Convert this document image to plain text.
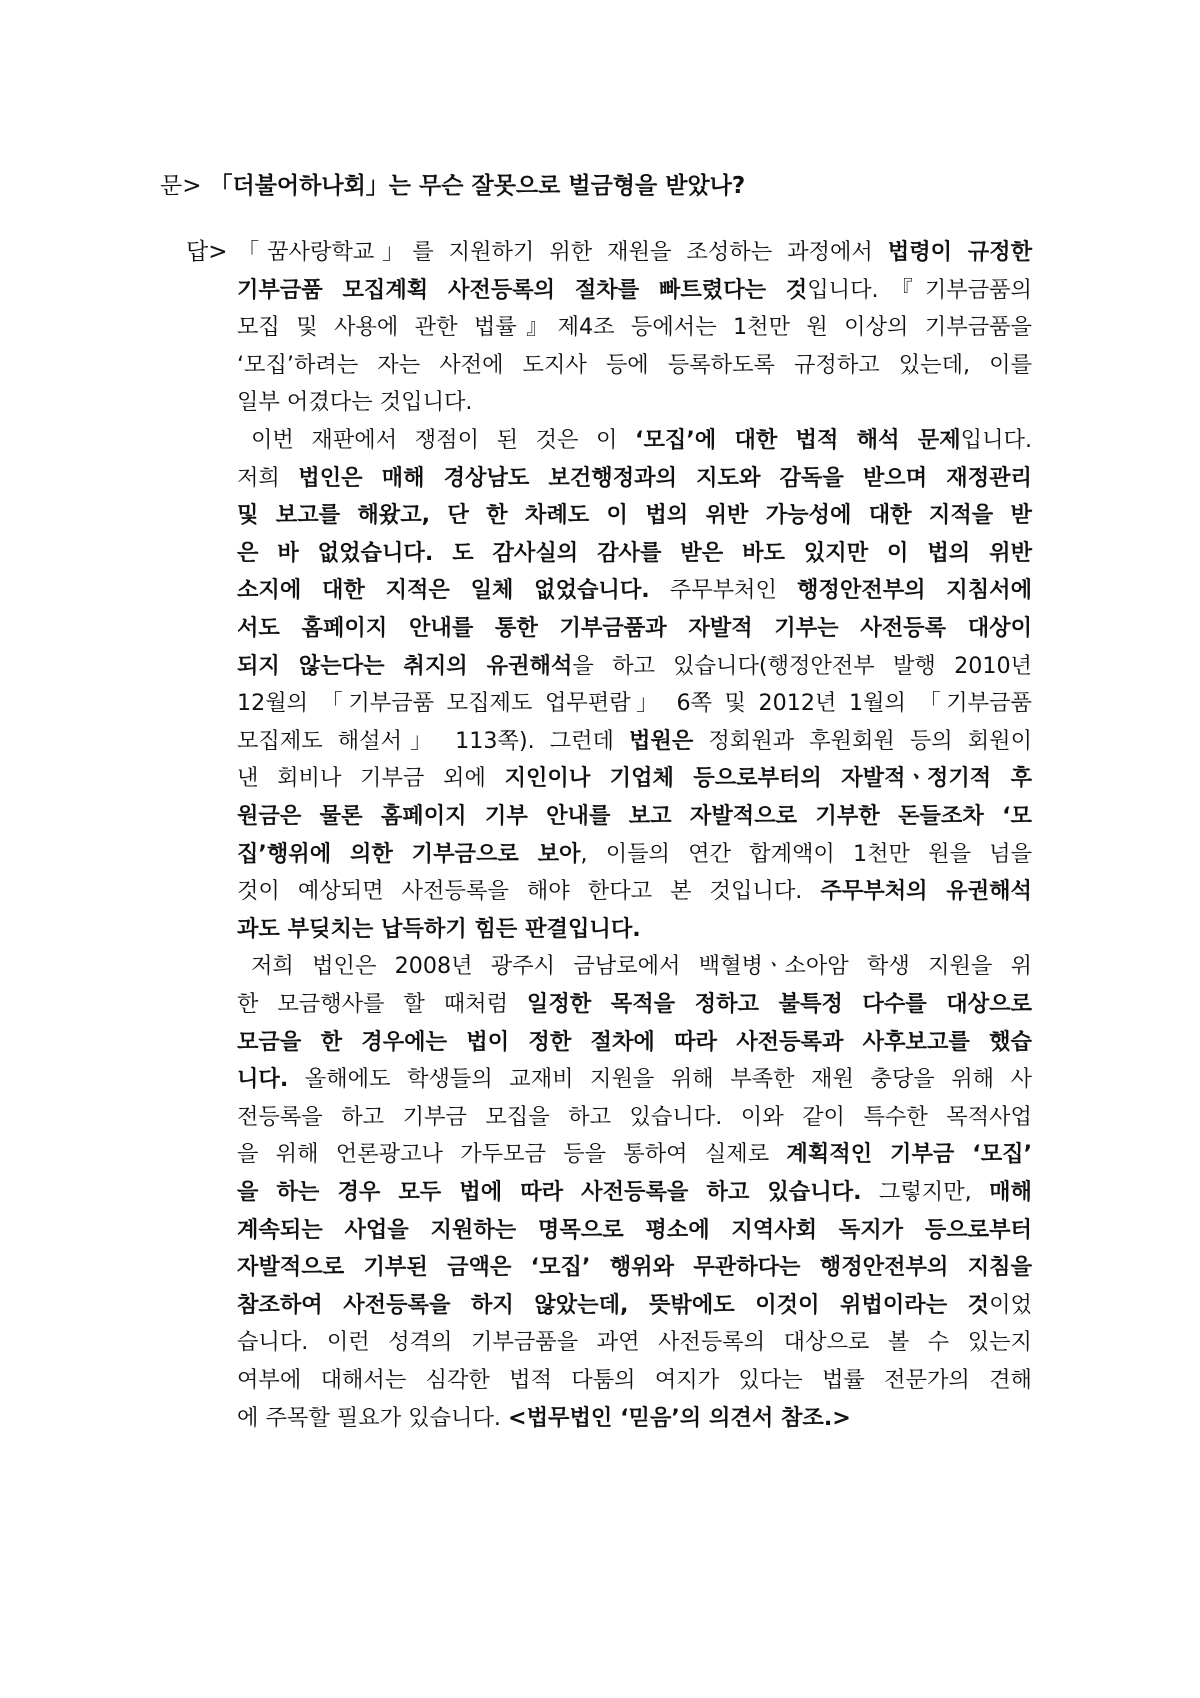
문> 「더불어하나회」는 무슨 잘못으로 벌금형을 받았나?
답> 「꿈사랑학교」를 지원하기 위한 재원을 조성하는 과정에서 법령이 규정한
기부금품 모집계획 사전등록의 절차를 빠트렸다는 것입니다.『기부금품의
모집 및 사용에 관한 법률』제4조 등에서는 1천만 원 이상의 기부금품을
‘모집’하려는 자는 사전에 도지사 등에 등록하도록 규정하고 있는데, 이를
일부 어겼다는 것입니다.
이번 재판에서 쟁점이 된 것은 이 ‘모집’에 대한 법적 해석 문제입니다.
저희 법인은 매해 경상남도 보건행정과의 지도와 감독을 받으며 재정관리
및 보고를 해왔고, 단 한 차례도 이 법의 위반 가능성에 대한 지적을 받
은 바 없었습니다. 도 감사실의 감사를 받은 바도 있지만 이 법의 위반
소지에 대한 지적은 일체 없었습니다. 주무부처인 행정안전부의 지침서에
서도 홈페이지 안내를 통한 기부금품과 자발적 기부는 사전등록 대상이
되지 않는다는 취지의 유권해석을 하고 있습니다(행정안전부 발행 2010년
12월의 「기부금품 모집제도 업무편람」 6쪽 및 2012년 1월의 「기부금품
모집제도 해설서」 113쪽). 그런데 법원은 정회원과 후원회원 등의 회원이
낸 회비나 기부금 외에 지인이나 기업체 등으로부터의 자발적ㆍ정기적 후
원금은 물론 홈페이지 기부 안내를 보고 자발적으로 기부한 돈들조차 ‘모
집’행위에 의한 기부금으로 보아, 이들의 연간 합계액이 1천만 원을 넘을
것이 예상되면 사전등록을 해야 한다고 본 것입니다. 주무부처의 유권해석
과도 부딪치는 납득하기 힘든 판결입니다.
저희 법인은 2008년 광주시 금남로에서 백혈병ㆍ소아암 학생 지원을 위
한 모금행사를 할 때처럼 일정한 목적을 정하고 불특정 다수를 대상으로
모금을 한 경우에는 법이 정한 절차에 따라 사전등록과 사후보고를 했습
니다. 올해에도 학생들의 교재비 지원을 위해 부족한 재원 충당을 위해 사
전등록을 하고 기부금 모집을 하고 있습니다. 이와 같이 특수한 목적사업
을 위해 언론광고나 가두모금 등을 통하여 실제로 계획적인 기부금 ‘모집’
을 하는 경우 모두 법에 따라 사전등록을 하고 있습니다. 그렇지만, 매해
계속되는 사업을 지원하는 명목으로 평소에 지역사회 독지가 등으로부터
자발적으로 기부된 금액은 ‘모집’ 행위와 무관하다는 행정안전부의 지침을
참조하여 사전등록을 하지 않았는데, 뜻밖에도 이것이 위법이라는 것이었
습니다. 이런 성격의 기부금품을 과연 사전등록의 대상으로 볼 수 있는지
여부에 대해서는 심각한 법적 다툼의 여지가 있다는 법률 전문가의 견해
에 주목할 필요가 있습니다. <법무법인 ‘믿음’의 의견서 참조.>
